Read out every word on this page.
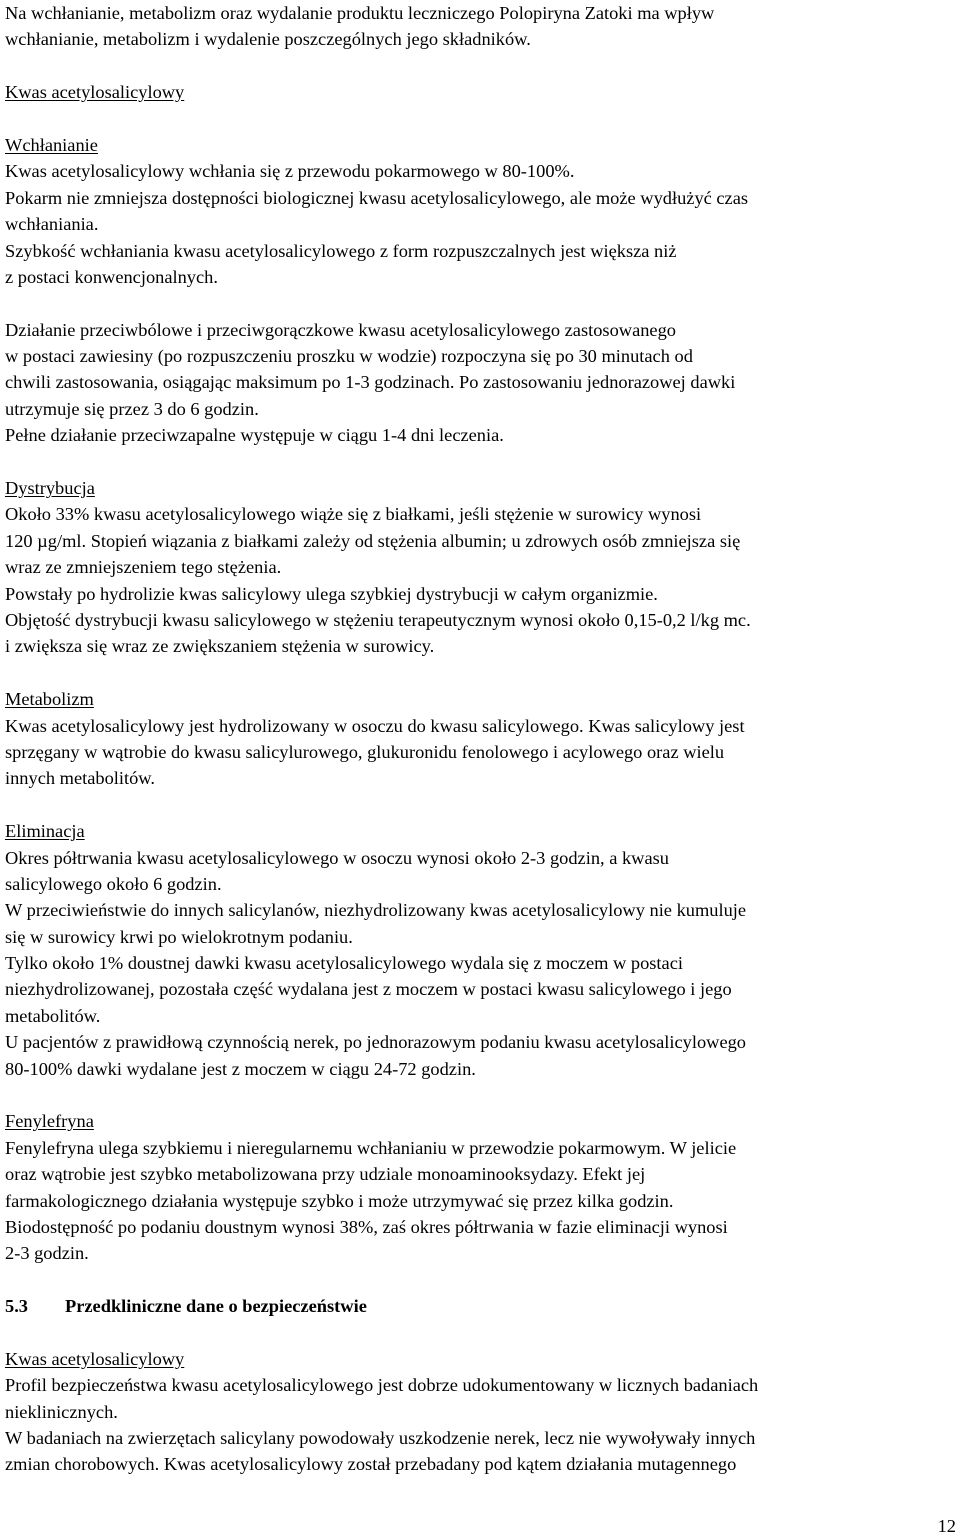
Na wchłanianie, metabolizm oraz wydalanie produktu leczniczego Polopiryna Zatoki ma wpływ
wchłanianie, metabolizm i wydalenie poszczególnych jego składników.
Kwas acetylosalicylowy
Wchłanianie
Kwas acetylosalicylowy wchłania się z przewodu pokarmowego w 80-100%.
Pokarm nie zmniejsza dostępności biologicznej kwasu acetylosalicylowego, ale może wydłużyć czas
wchłaniania.
Szybkość wchłaniania kwasu acetylosalicylowego z form rozpuszczalnych jest większa niż
z postaci konwencjonalnych.
Działanie przeciwbólowe i przeciwgorączkowe kwasu acetylosalicylowego zastosowanego
w postaci zawiesiny (po rozpuszczeniu proszku w wodzie) rozpoczyna się po 30 minutach od
chwili zastosowania, osiągając maksimum po 1-3 godzinach. Po zastosowaniu jednorazowej dawki
utrzymuje się przez 3 do 6 godzin.
Pełne działanie przeciwzapalne występuje w ciągu 1-4 dni leczenia.
Dystrybucja
Około 33% kwasu acetylosalicylowego wiąże się z białkami, jeśli stężenie w surowicy wynosi
120 µg/ml. Stopień wiązania z białkami zależy od stężenia albumin; u zdrowych osób zmniejsza się
wraz ze zmniejszeniem tego stężenia.
Powstały po hydrolizie kwas salicylowy ulega szybkiej dystrybucji w całym organizmie.
Objętość dystrybucji kwasu salicylowego w stężeniu terapeutycznym wynosi około 0,15-0,2 l/kg mc.
i zwiększa się wraz ze zwiększaniem stężenia w surowicy.
Metabolizm
Kwas acetylosalicylowy jest hydrolizowany w osoczu do kwasu salicylowego. Kwas salicylowy jest
sprzęgany w wątrobie do kwasu salicylurowego, glukuronidu fenolowego i acylowego oraz wielu
innych metabolitów.
Eliminacja
Okres półtrwania kwasu acetylosalicylowego w osoczu wynosi około 2-3 godzin, a kwasu
salicylowego około 6 godzin.
W przeciwieństwie do innych salicylanów, niezhydrolizowany kwas acetylosalicylowy nie kumuluje
się w surowicy krwi po wielokrotnym podaniu.
Tylko około 1% doustnej dawki kwasu acetylosalicylowego wydala się z moczem w postaci
niezhydrolizowanej, pozostała część wydalana jest z moczem w postaci kwasu salicylowego i jego
metabolitów.
U pacjentów z prawidłową czynnością nerek, po jednorazowym podaniu kwasu acetylosalicylowego
80-100% dawki wydalane jest z moczem w ciągu 24-72 godzin.
Fenylefryna
Fenylefryna ulega szybkiemu i nieregularnemu wchłanianiu w przewodzie pokarmowym. W jelicie
oraz wątrobie jest szybko metabolizowana przy udziale monoaminooksydazy. Efekt jej
farmakologicznego działania występuje szybko i może utrzymywać się przez kilka godzin.
Biodostępność po podaniu doustnym wynosi 38%, zaś okres półtrwania w fazie eliminacji wynosi
2-3 godzin.
5.3 Przedkliniczne dane o bezpieczeństwie
Kwas acetylosalicylowy
Profil bezpieczeństwa kwasu acetylosalicylowego jest dobrze udokumentowany w licznych badaniach
nieklinicznych.
W badaniach na zwierzętach salicylany powodowały uszkodzenie nerek, lecz nie wywoływały innych
zmian chorobowych. Kwas acetylosalicylowy został przebadany pod kątem działania mutagennego
12
